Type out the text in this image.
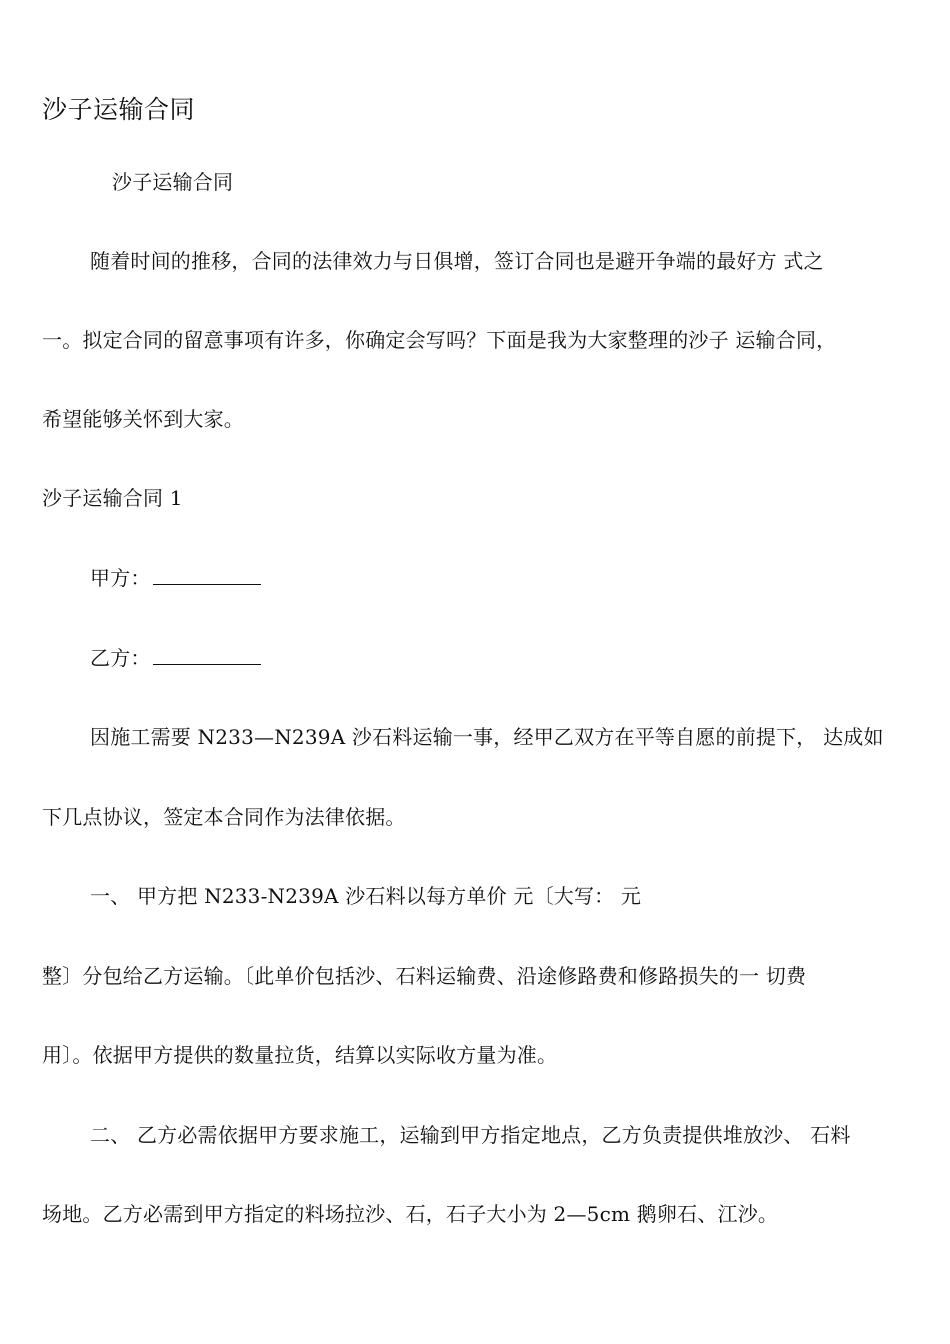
沙子运输合同
沙子运输合同
随着时间的推移，合同的法律效力与日俱增，签订合同也是避开争端的最好方 式之
一。拟定合同的留意事项有许多，你确定会写吗？下面是我为大家整理的沙子 运输合同，
希望能够关怀到大家。
沙子运输合同 1
甲方：
乙方：
因施工需要 N233—N239A 沙石料运输一事，经甲乙双方在平等自愿的前提下， 达成如
下几点协议，签定本合同作为法律依据。
一、 甲方把 N233-N239A 沙石料以每方单价 元〔大写： 元
整〕分包给乙方运输。〔此单价包括沙、石料运输费、沿途修路费和修路损失的一 切费
用〕。依据甲方提供的数量拉货，结算以实际收方量为准。
二、 乙方必需依据甲方要求施工，运输到甲方指定地点，乙方负责提供堆放沙、 石料
场地。乙方必需到甲方指定的料场拉沙、石，石子大小为 2—5cm 鹅卵石、江沙。
